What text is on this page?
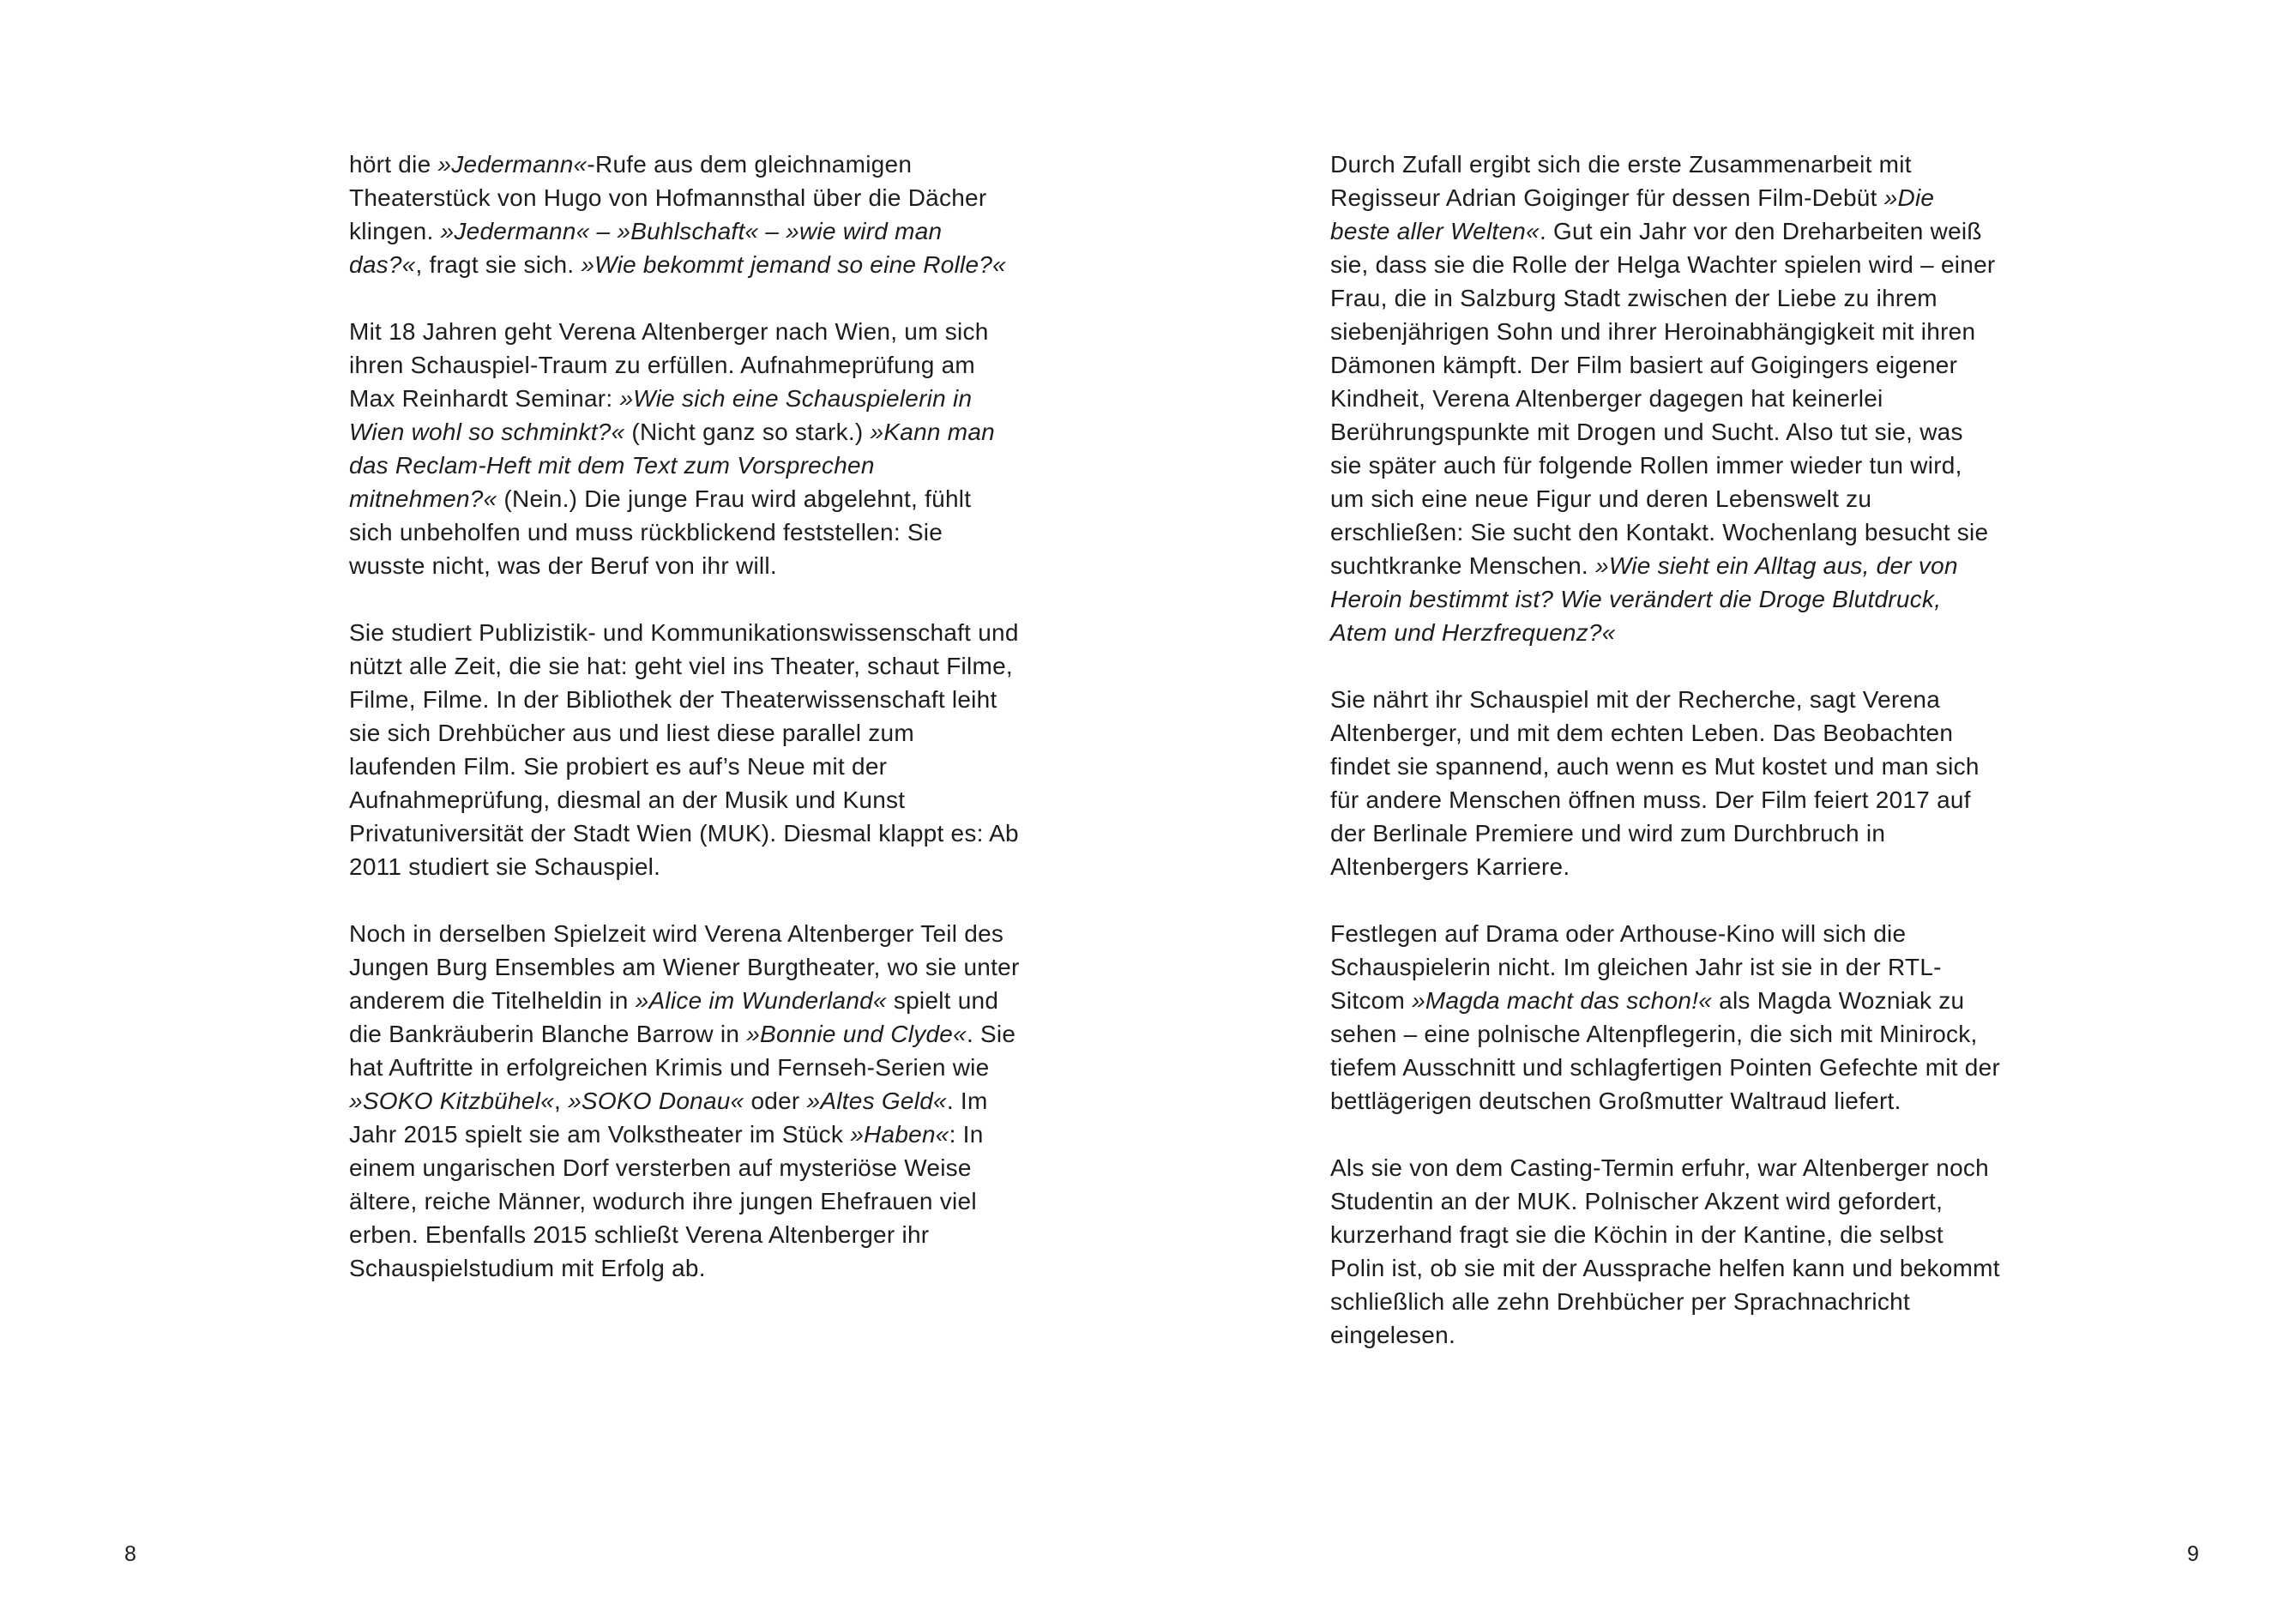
hört die »Jedermann«-Rufe aus dem gleichnamigen Theaterstück von Hugo von Hofmannsthal über die Dächer klingen. »Jedermann« – »Buhlschaft« – »wie wird man das?«, fragt sie sich. »Wie bekommt jemand so eine Rolle?«

Mit 18 Jahren geht Verena Altenberger nach Wien, um sich ihren Schauspiel-Traum zu erfüllen. Aufnahmeprüfung am Max Reinhardt Seminar: »Wie sich eine Schauspielerin in Wien wohl so schminkt?« (Nicht ganz so stark.) »Kann man das Reclam-Heft mit dem Text zum Vorsprechen mitnehmen?« (Nein.) Die junge Frau wird abgelehnt, fühlt sich unbeholfen und muss rückblickend feststellen: Sie wusste nicht, was der Beruf von ihr will.

Sie studiert Publizistik- und Kommunikationswissenschaft und nützt alle Zeit, die sie hat: geht viel ins Theater, schaut Filme, Filme, Filme. In der Bibliothek der Theaterwissenschaft leiht sie sich Drehbücher aus und liest diese parallel zum laufenden Film. Sie probiert es auf’s Neue mit der Aufnahmeprüfung, diesmal an der Musik und Kunst Privatuniversität der Stadt Wien (MUK). Diesmal klappt es: Ab 2011 studiert sie Schauspiel.

Noch in derselben Spielzeit wird Verena Altenberger Teil des Jungen Burg Ensembles am Wiener Burgtheater, wo sie unter anderem die Titelheldin in »Alice im Wunderland« spielt und die Bankräuberin Blanche Barrow in »Bonnie und Clyde«. Sie hat Auftritte in erfolgreichen Krimis und Fernseh-Serien wie »SOKO Kitzbühel«, »SOKO Donau« oder »Altes Geld«. Im Jahr 2015 spielt sie am Volkstheater im Stück »Haben«: In einem ungarischen Dorf versterben auf mysteriöse Weise ältere, reiche Männer, wodurch ihre jungen Ehefrauen viel erben. Ebenfalls 2015 schließt Verena Altenberger ihr Schauspielstudium mit Erfolg ab.

Durch Zufall ergibt sich die erste Zusammenarbeit mit Regisseur Adrian Goiginger für dessen Film-Debüt »Die beste aller Welten«. Gut ein Jahr vor den Dreharbeiten weiß sie, dass sie die Rolle der Helga Wachter spielen wird – einer Frau, die in Salzburg Stadt zwischen der Liebe zu ihrem siebenjährigen Sohn und ihrer Heroinabhängigkeit mit ihren Dämonen kämpft. Der Film basiert auf Goigingers eigener Kindheit, Verena Altenberger dagegen hat keinerlei Berührungspunkte mit Drogen und Sucht. Also tut sie, was sie später auch für folgende Rollen immer wieder tun wird, um sich eine neue Figur und deren Lebenswelt zu erschließen: Sie sucht den Kontakt. Wochenlang besucht sie suchtkranke Menschen. »Wie sieht ein Alltag aus, der von Heroin bestimmt ist? Wie verändert die Droge Blutdruck, Atem und Herzfrequenz?«

Sie nährt ihr Schauspiel mit der Recherche, sagt Verena Altenberger, und mit dem echten Leben. Das Beobachten findet sie spannend, auch wenn es Mut kostet und man sich für andere Menschen öffnen muss. Der Film feiert 2017 auf der Berlinale Premiere und wird zum Durchbruch in Altenbergers Karriere.

Festlegen auf Drama oder Arthouse-Kino will sich die Schauspielerin nicht. Im gleichen Jahr ist sie in der RTL-Sitcom »Magda macht das schon!« als Magda Wozniak zu sehen – eine polnische Altenpflegerin, die sich mit Minirock, tiefem Ausschnitt und schlagfertigen Pointen Gefechte mit der bettlägerigen deutschen Großmutter Waltraud liefert.

Als sie von dem Casting-Termin erfuhr, war Altenberger noch Studentin an der MUK. Polnischer Akzent wird gefordert, kurzerhand fragt sie die Köchin in der Kantine, die selbst Polin ist, ob sie mit der Aussprache helfen kann und bekommt schließlich alle zehn Drehbücher per Sprachnachricht eingelesen.

8	9
